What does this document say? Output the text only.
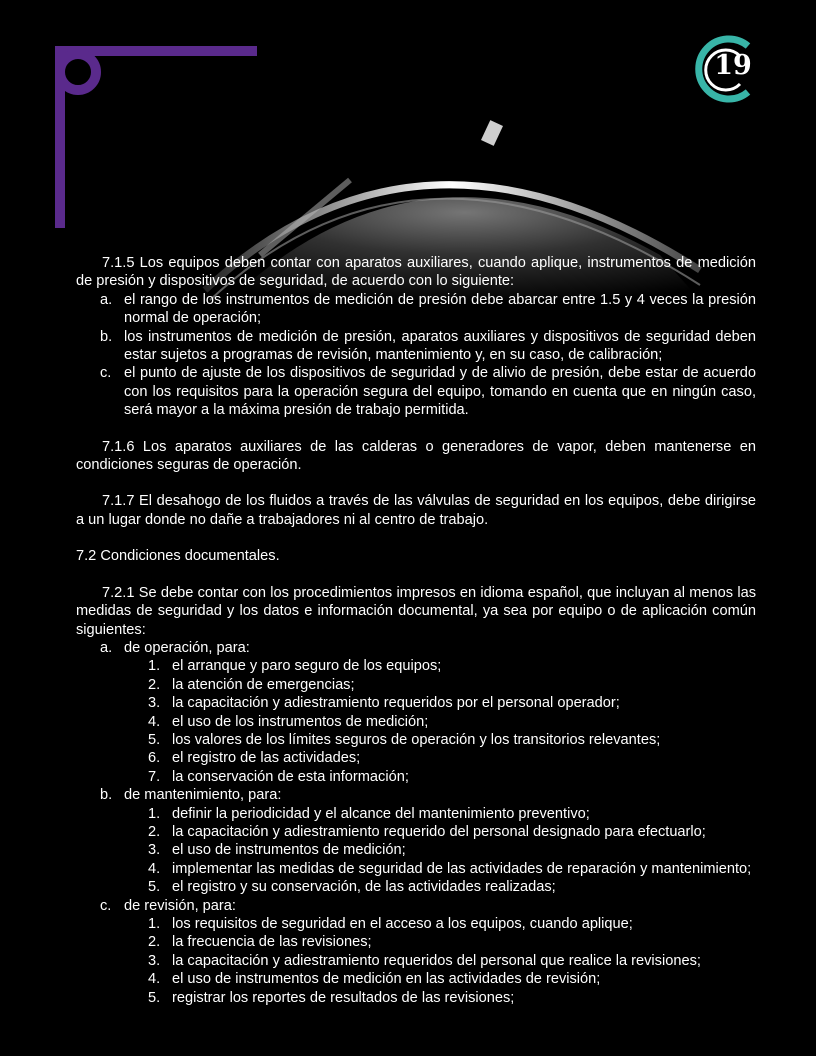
19

7.1.5 Los equipos deben contar con aparatos auxiliares, cuando aplique, instrumentos de medición de presión y dispositivos de seguridad, de acuerdo con lo siguiente:

a. el rango de los instrumentos de medición de presión debe abarcar entre 1.5 y 4 veces la presión normal de operación;
b. los instrumentos de medición de presión, aparatos auxiliares y dispositivos de seguridad deben estar sujetos a programas de revisión, mantenimiento y, en su caso, de calibración;
c. el punto de ajuste de los dispositivos de seguridad y de alivio de presión, debe estar de acuerdo con los requisitos para la operación segura del equipo, tomando en cuenta que en ningún caso, será mayor a la máxima presión de trabajo permitida.

7.1.6 Los aparatos auxiliares de las calderas o generadores de vapor, deben mantenerse en condiciones seguras de operación.

7.1.7 El desahogo de los fluidos a través de las válvulas de seguridad en los equipos, debe dirigirse a un lugar donde no dañe a trabajadores ni al centro de trabajo.

7.2 Condiciones documentales.

7.2.1 Se debe contar con los procedimientos impresos en idioma español, que incluyan al menos las medidas de seguridad y los datos e información documental, ya sea por equipo o de aplicación común siguientes:

a. de operación, para:
1. el arranque y paro seguro de los equipos;
2. la atención de emergencias;
3. la capacitación y adiestramiento requeridos por el personal operador;
4. el uso de los instrumentos de medición;
5. los valores de los límites seguros de operación y los transitorios relevantes;
6. el registro de las actividades;
7. la conservación de esta información;
b. de mantenimiento, para:
1. definir la periodicidad y el alcance del mantenimiento preventivo;
2. la capacitación y adiestramiento requerido del personal designado para efectuarlo;
3. el uso de instrumentos de medición;
4. implementar las medidas de seguridad de las actividades de reparación y mantenimiento;
5. el registro y su conservación, de las actividades realizadas;
c. de revisión, para:
1. los requisitos de seguridad en el acceso a los equipos, cuando aplique;
2. la frecuencia de las revisiones;
3. la capacitación y adiestramiento requeridos del personal que realice la revisiones;
4. el uso de instrumentos de medición en las actividades de revisión;
5. registrar los reportes de resultados de las revisiones;
